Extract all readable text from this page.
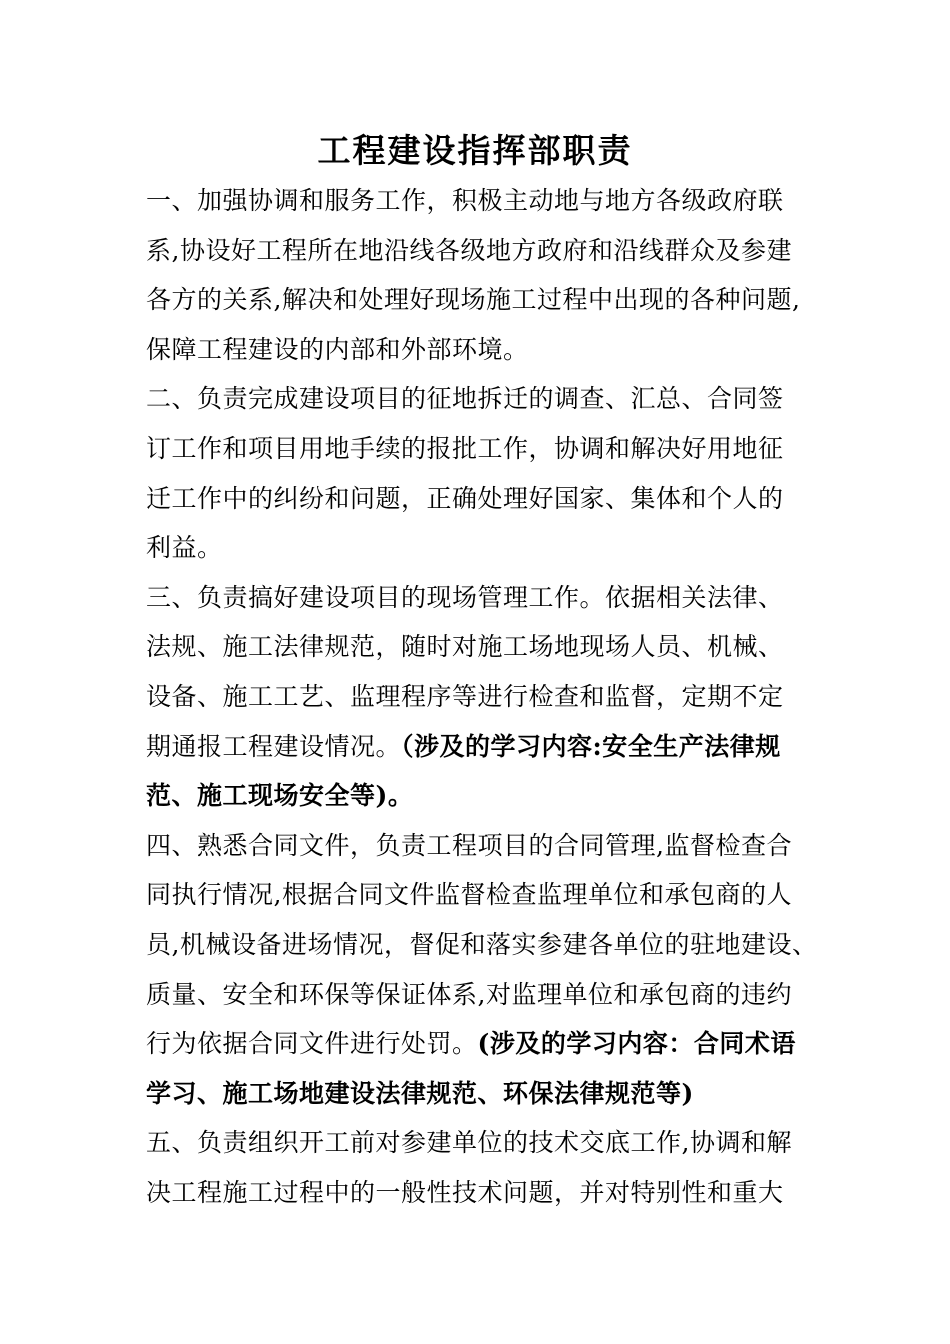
工程建设指挥部职责
一、加强协调和服务工作，积极主动地与地方各级政府联
系,协设好工程所在地沿线各级地方政府和沿线群众及参建
各方的关系,解决和处理好现场施工过程中出现的各种问题,
保障工程建设的内部和外部环境。
二、负责完成建设项目的征地拆迁的调查、汇总、合同签
订工作和项目用地手续的报批工作，协调和解决好用地征
迁工作中的纠纷和问题，正确处理好国家、集体和个人的
利益。
三、负责搞好建设项目的现场管理工作。依据相关法律、
法规、施工法律规范，随时对施工场地现场人员、机械、
设备、施工工艺、监理程序等进行检查和监督，定期不定
期通报工程建设情况。（涉及的学习内容:安全生产法律规
范、施工现场安全等)。
四、熟悉合同文件，负责工程项目的合同管理,监督检查合
同执行情况,根据合同文件监督检查监理单位和承包商的人
员,机械设备进场情况，督促和落实参建各单位的驻地建设、
质量、安全和环保等保证体系,对监理单位和承包商的违约
行为依据合同文件进行处罚。(涉及的学习内容：合同术语
学习、施工场地建设法律规范、环保法律规范等)
五、负责组织开工前对参建单位的技术交底工作,协调和解
决工程施工过程中的一般性技术问题，并对特别性和重大
